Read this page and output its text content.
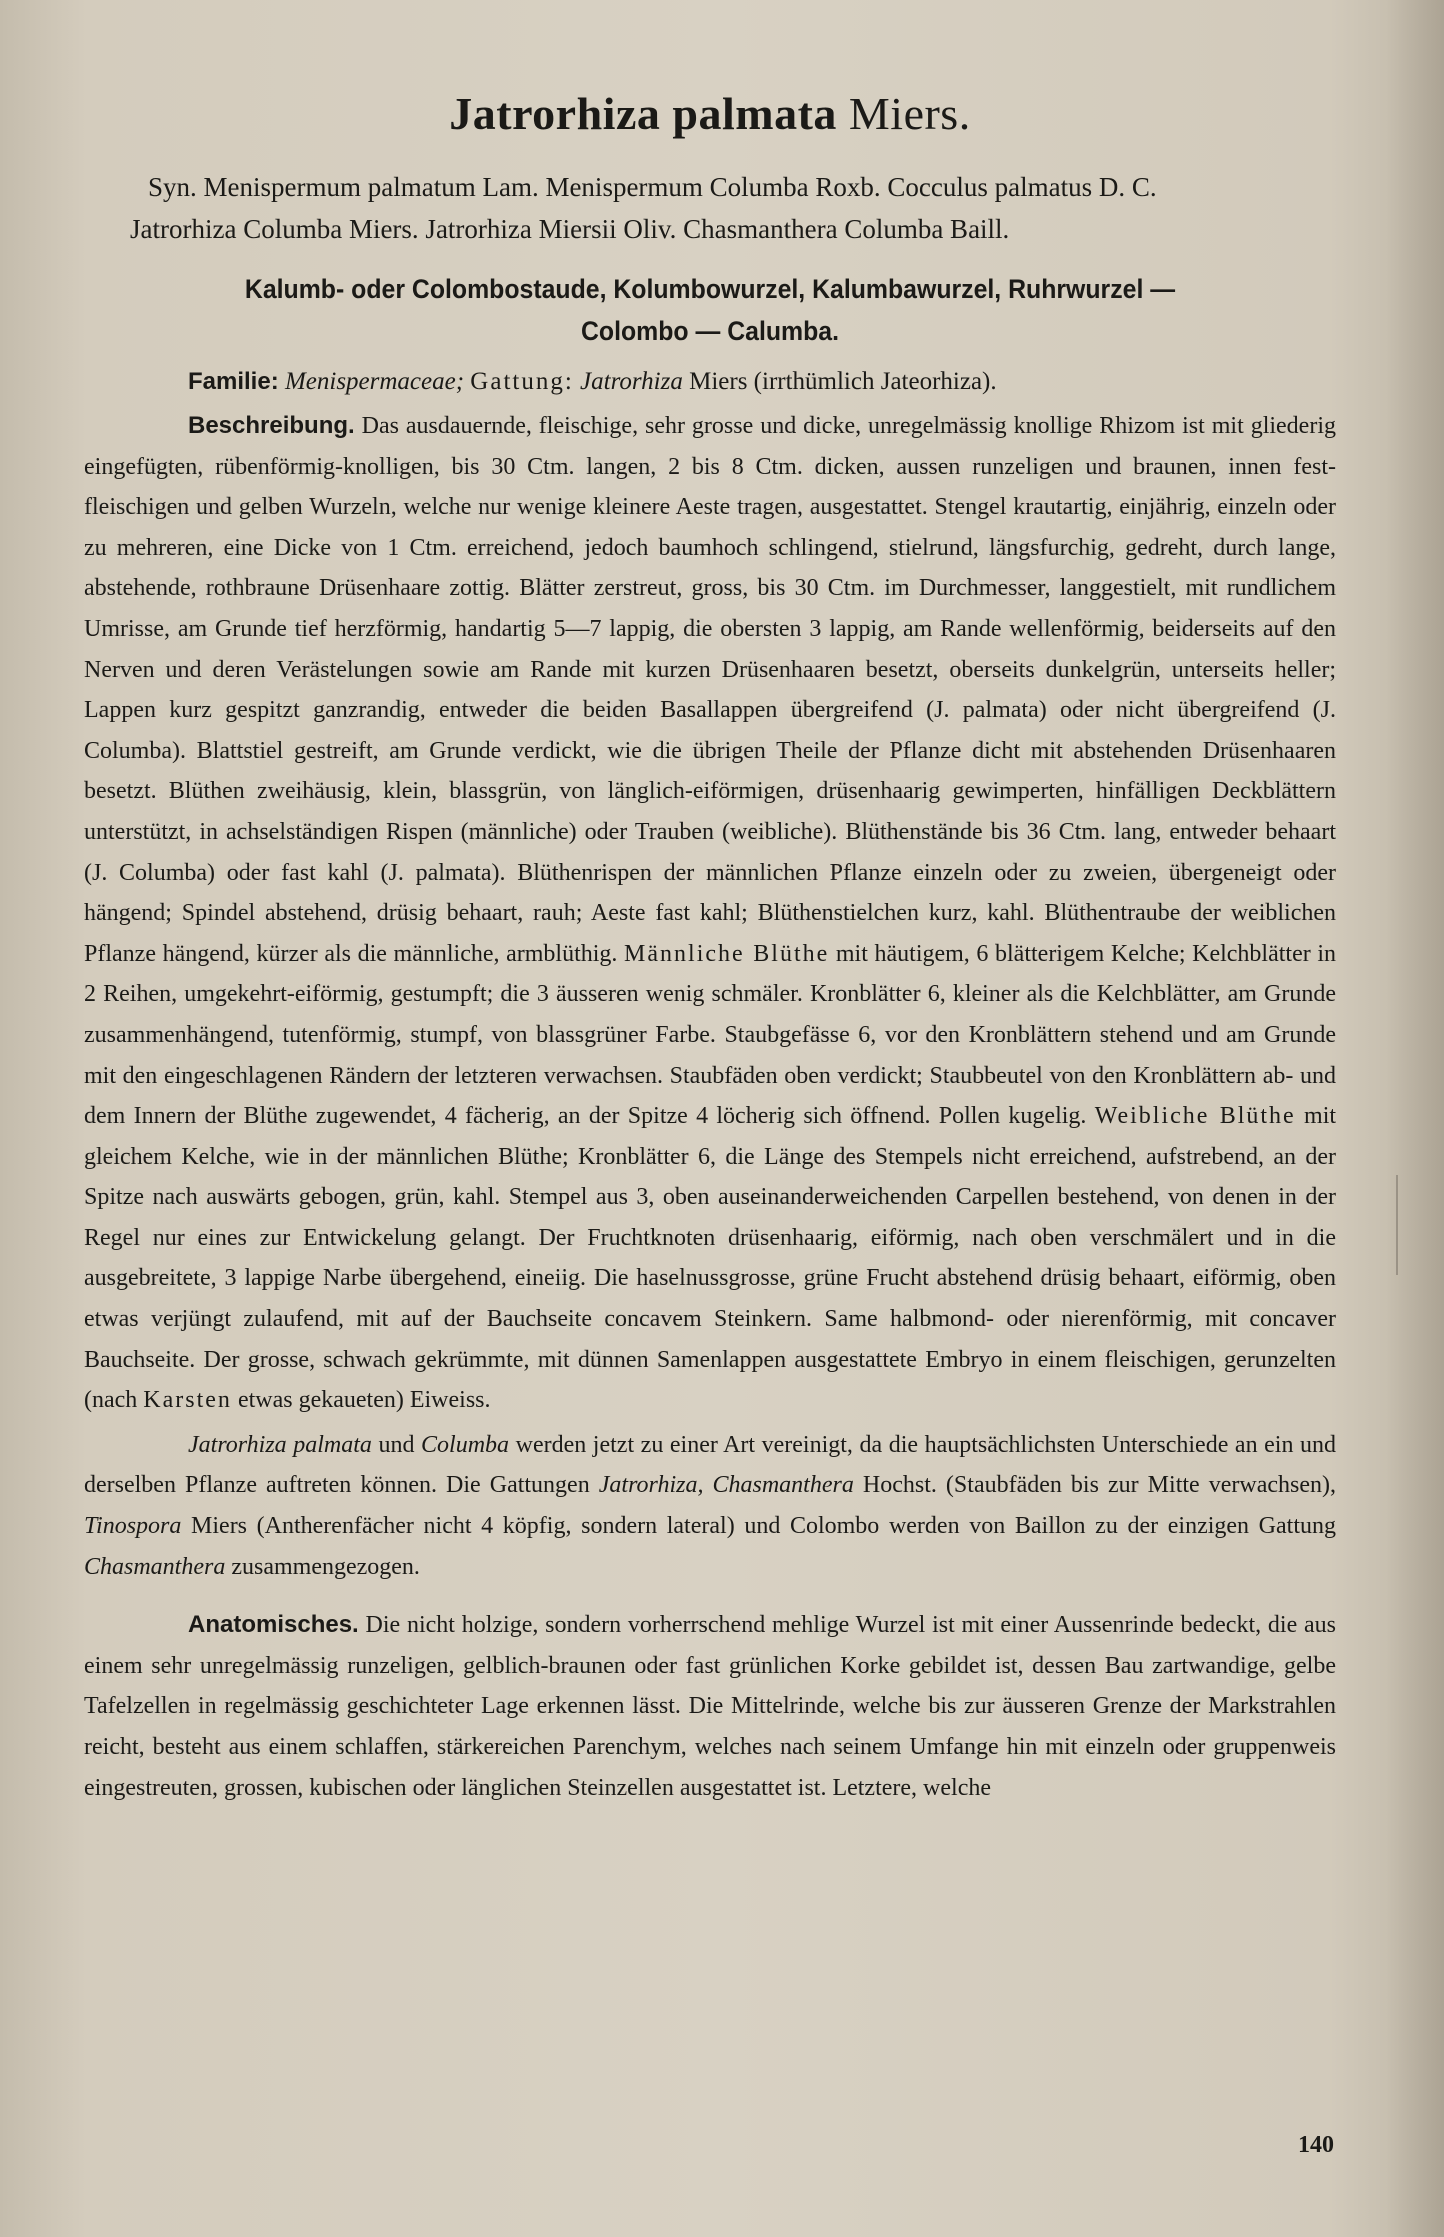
Jatrorhiza palmata Miers.

Syn. Menispermum palmatum Lam. Menispermum Columba Roxb. Cocculus palmatus D. C.

Jatrorhiza Columba Miers. Jatrorhiza Miersii Oliv. Chasmanthera Columba Baill.

Kalumb- oder Colombostaude, Kolumbowurzel, Kalumbawurzel, Ruhrwurzel —

Colombo — Calumba.

Familie: Menispermaceae; Gattung: Jatrorhiza Miers (irrthümlich Jateorhiza).

Beschreibung. Das ausdauernde, fleischige, sehr grosse und dicke, unregelmässig knollige Rhizom ist mit gliederig eingefügten, rübenförmig-knolligen, bis 30 Ctm. langen, 2 bis 8 Ctm. dicken, aussen runzeligen und braunen, innen fest-fleischigen und gelben Wurzeln, welche nur wenige kleinere Aeste tragen, ausgestattet. Stengel krautartig, einjährig, einzeln oder zu mehreren, eine Dicke von 1 Ctm. erreichend, jedoch baumhoch schlingend, stielrund, längsfurchig, gedreht, durch lange, abstehende, rothbraune Drüsenhaare zottig. Blätter zerstreut, gross, bis 30 Ctm. im Durchmesser, langgestielt, mit rundlichem Umrisse, am Grunde tief herzförmig, handartig 5—7 lappig, die obersten 3 lappig, am Rande wellenförmig, beiderseits auf den Nerven und deren Verästelungen sowie am Rande mit kurzen Drüsenhaaren besetzt, oberseits dunkelgrün, unterseits heller; Lappen kurz gespitzt ganzrandig, entweder die beiden Basallappen übergreifend (J. palmata) oder nicht übergreifend (J. Columba). Blattstiel gestreift, am Grunde verdickt, wie die übrigen Theile der Pflanze dicht mit abstehenden Drüsenhaaren besetzt. Blüthen zweihäusig, klein, blassgrün, von länglich-eiförmigen, drüsenhaarig gewimperten, hinfälligen Deckblättern unterstützt, in achselständigen Rispen (männliche) oder Trauben (weibliche). Blüthenstände bis 36 Ctm. lang, entweder behaart (J. Columba) oder fast kahl (J. palmata). Blüthenrispen der männlichen Pflanze einzeln oder zu zweien, übergeneigt oder hängend; Spindel abstehend, drüsig behaart, rauh; Aeste fast kahl; Blüthenstielchen kurz, kahl. Blüthentraube der weiblichen Pflanze hängend, kürzer als die männliche, armblüthig. Männliche Blüthe mit häutigem, 6 blätterigem Kelche; Kelchblätter in 2 Reihen, umgekehrt-eiförmig, gestumpft; die 3 äusseren wenig schmäler. Kronblätter 6, kleiner als die Kelchblätter, am Grunde zusammenhängend, tutenförmig, stumpf, von blassgrüner Farbe. Staubgefässe 6, vor den Kronblättern stehend und am Grunde mit den eingeschlagenen Rändern der letzteren verwachsen. Staubfäden oben verdickt; Staubbeutel von den Kronblättern ab- und dem Innern der Blüthe zugewendet, 4 fächerig, an der Spitze 4 löcherig sich öffnend. Pollen kugelig. Weibliche Blüthe mit gleichem Kelche, wie in der männlichen Blüthe; Kronblätter 6, die Länge des Stempels nicht erreichend, aufstrebend, an der Spitze nach auswärts gebogen, grün, kahl. Stempel aus 3, oben auseinanderweichenden Carpellen bestehend, von denen in der Regel nur eines zur Entwickelung gelangt. Der Fruchtknoten drüsenhaarig, eiförmig, nach oben verschmälert und in die ausgebreitete, 3 lappige Narbe übergehend, eineiig. Die haselnussgrosse, grüne Frucht abstehend drüsig behaart, eiförmig, oben etwas verjüngt zulaufend, mit auf der Bauchseite concavem Steinkern. Same halbmond- oder nierenförmig, mit concaver Bauchseite. Der grosse, schwach gekrümmte, mit dünnen Samenlappen ausgestattete Embryo in einem fleischigen, gerunzelten (nach Karsten etwas gekaueten) Eiweiss.

Jatrorhiza palmata und Columba werden jetzt zu einer Art vereinigt, da die hauptsächlichsten Unterschiede an ein und derselben Pflanze auftreten können. Die Gattungen Jatrorhiza, Chasmanthera Hochst. (Staubfäden bis zur Mitte verwachsen), Tinospora Miers (Antherenfächer nicht 4 köpfig, sondern lateral) und Colombo werden von Baillon zu der einzigen Gattung Chasmanthera zusammengezogen.

Anatomisches. Die nicht holzige, sondern vorherrschend mehlige Wurzel ist mit einer Aussenrinde bedeckt, die aus einem sehr unregelmässig runzeligen, gelblich-braunen oder fast grünlichen Korke gebildet ist, dessen Bau zartwandige, gelbe Tafelzellen in regelmässig geschichteter Lage erkennen lässt. Die Mittelrinde, welche bis zur äusseren Grenze der Markstrahlen reicht, besteht aus einem schlaffen, stärkereichen Parenchym, welches nach seinem Umfange hin mit einzeln oder gruppenweis eingestreuten, grossen, kubischen oder länglichen Steinzellen ausgestattet ist. Letztere, welche

140
